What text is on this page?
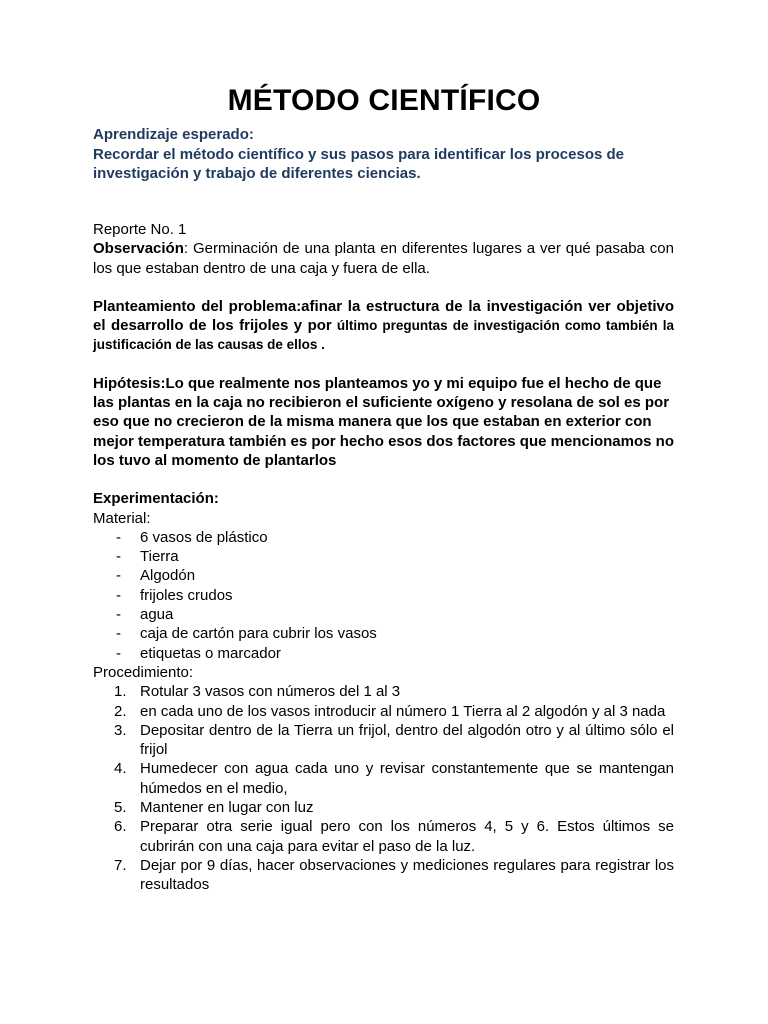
MÉTODO CIENTÍFICO
Aprendizaje esperado:
Recordar el método científico y sus pasos para identificar los procesos de investigación y trabajo de diferentes ciencias.
Reporte No. 1
Observación: Germinación de una planta en diferentes lugares a ver qué pasaba con los que estaban dentro de una caja y fuera de ella.
Planteamiento del problema:afinar la estructura de la investigación ver objetivo el desarrollo de los frijoles y por último preguntas de investigación como también la justificación de las causas de ellos .
Hipótesis:Lo que realmente nos planteamos yo y mi equipo fue el hecho de que las plantas en la caja no recibieron el suficiente oxígeno y resolana de sol es por eso que no crecieron de la misma manera que los que estaban en exterior con mejor temperatura también es por hecho esos dos factores que mencionamos no los tuvo al momento de plantarlos
Experimentación:
Material:
- 6 vasos de plástico
- Tierra
- Algodón
- frijoles crudos
- agua
- caja de cartón para cubrir los vasos
- etiquetas o marcador
Procedimiento:
1. Rotular 3 vasos con números del 1 al 3
2. en cada uno de los vasos introducir al número 1 Tierra al 2 algodón y al 3 nada
3. Depositar dentro de la Tierra un frijol, dentro del algodón otro y al último sólo el frijol
4. Humedecer con agua cada uno y revisar constantemente que se mantengan húmedos en el medio,
5. Mantener en lugar con luz
6. Preparar otra serie igual pero con los números 4, 5 y 6. Estos últimos se cubrirán con una caja para evitar el paso de la luz.
7. Dejar por 9 días, hacer observaciones y mediciones regulares para registrar los resultados
